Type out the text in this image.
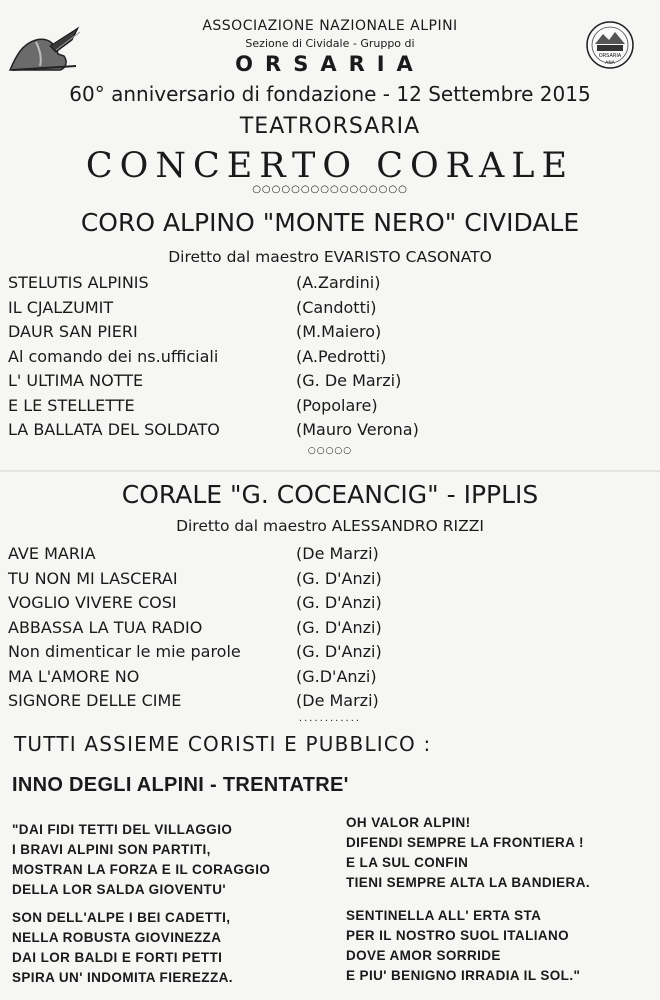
ORSARIA
ANA
ASSOCIAZIONE NAZIONALE ALPINI
Sezione di Cividale - Gruppo di
ORSARIA
60° anniversario di fondazione - 12 Settembre 2015
TEATRORSARIA
CONCERTO CORALE
○○○○○○○○○○○○○○○○
CORO ALPINO "MONTE NERO" CIVIDALE
Diretto dal maestro EVARISTO CASONATO
STELUTIS ALPINIS	(A.Zardini)
IL CJALZUMIT	(Candotti)
DAUR SAN PIERI	(M.Maiero)
Al comando dei ns.ufficiali	(A.Pedrotti)
L' ULTIMA NOTTE	(G. De Marzi)
E LE STELLETTE	(Popolare)
LA BALLATA DEL SOLDATO	(Mauro Verona)
○○○○○
CORALE "G. COCEANCIG" - IPPLIS
Diretto dal maestro ALESSANDRO RIZZI
AVE MARIA	(De Marzi)
TU NON MI LASCERAI	(G. D'Anzi)
VOGLIO VIVERE COSI	(G. D'Anzi)
ABBASSA LA TUA RADIO	(G. D'Anzi)
Non dimenticar le mie parole	(G. D'Anzi)
MA L'AMORE NO	(G.D'Anzi)
SIGNORE DELLE CIME	(De Marzi)
............
TUTTI ASSIEME CORISTI E PUBBLICO :
INNO DEGLI ALPINI - TRENTATRE'
"DAI FIDI TETTI DEL VILLAGGIO
I BRAVI ALPINI SON PARTITI,
MOSTRAN LA FORZA E IL CORAGGIO
DELLA LOR SALDA GIOVENTU'
SON DELL'ALPE I BEI CADETTI,
NELLA ROBUSTA GIOVINEZZA
DAI LOR BALDI E FORTI PETTI
SPIRA UN' INDOMITA FIEREZZA.
OH VALOR ALPIN!
DIFENDI SEMPRE LA FRONTIERA !
E LA SUL CONFIN
TIENI SEMPRE ALTA LA BANDIERA.
SENTINELLA ALL' ERTA STA
PER IL NOSTRO SUOL ITALIANO
DOVE AMOR SORRIDE
E PIU' BENIGNO IRRADIA IL SOL."
